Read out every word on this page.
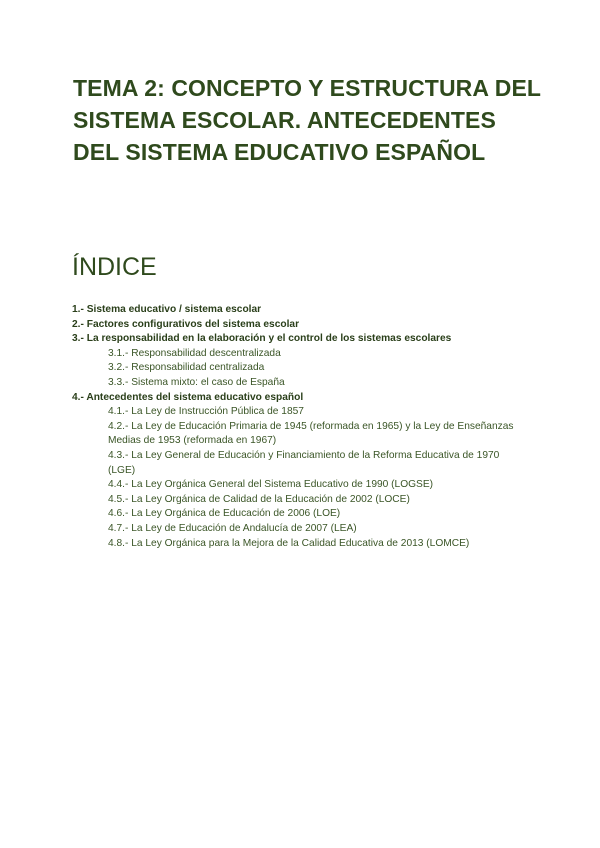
TEMA 2: CONCEPTO Y ESTRUCTURA DEL SISTEMA ESCOLAR. ANTECEDENTES DEL SISTEMA EDUCATIVO ESPAÑOL
ÍNDICE
1.- Sistema educativo / sistema escolar
2.- Factores configurativos del sistema escolar
3.- La responsabilidad en la elaboración y el control de los sistemas escolares
3.1.- Responsabilidad descentralizada
3.2.- Responsabilidad centralizada
3.3.- Sistema mixto: el caso de España
4.- Antecedentes del sistema educativo español
4.1.- La Ley de Instrucción Pública de 1857
4.2.- La Ley de Educación Primaria de 1945 (reformada en 1965) y la Ley de Enseñanzas Medias de 1953 (reformada en 1967)
4.3.- La Ley General de Educación y Financiamiento de la Reforma Educativa de 1970 (LGE)
4.4.- La Ley Orgánica General del Sistema Educativo de 1990 (LOGSE)
4.5.- La Ley Orgánica de Calidad de la Educación de 2002 (LOCE)
4.6.- La Ley Orgánica de Educación de 2006 (LOE)
4.7.- La Ley de Educación de Andalucía de 2007 (LEA)
4.8.- La Ley Orgánica para la Mejora de la Calidad Educativa de 2013 (LOMCE)
